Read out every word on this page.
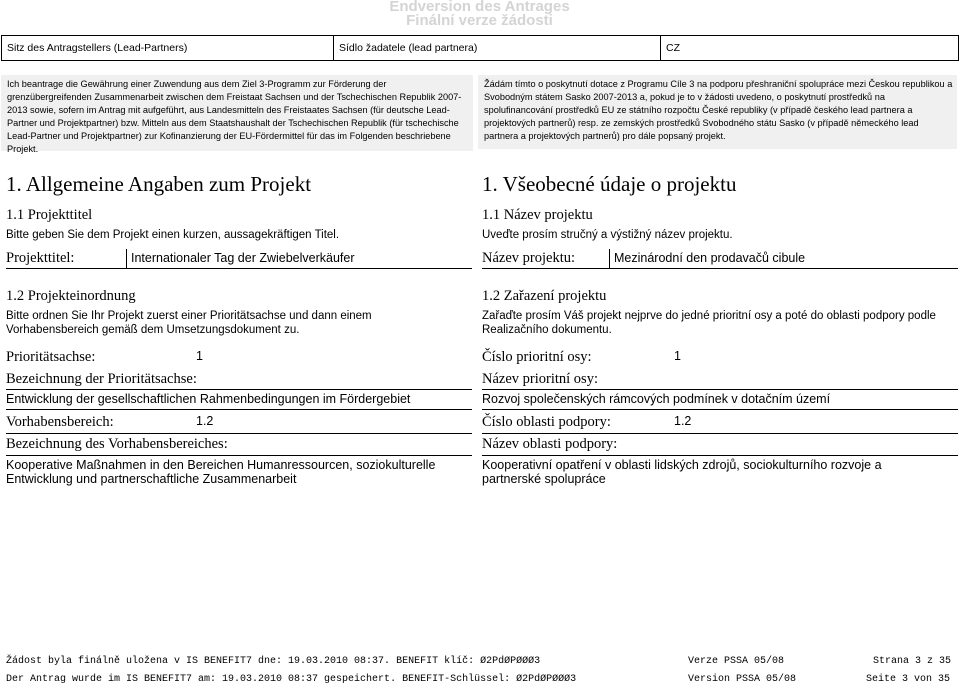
Endversion des Antrages
Finální verze žádosti
Sitz des Antragstellers (Lead-Partners)	Sídlo žadatele (lead partnera)	CZ
Ich beantrage die Gewährung einer Zuwendung aus dem Ziel 3-Programm zur Förderung der grenzübergreifenden Zusammenarbeit zwischen dem Freistaat Sachsen und der Tschechischen Republik 2007-2013 sowie, sofern im Antrag mit aufgeführt, aus Landesmitteln des Freistaates Sachsen (für deutsche Lead-Partner und Projektpartner) bzw. Mitteln aus dem Staatshaushalt der Tschechischen Republik (für tschechische Lead-Partner und Projektpartner) zur Kofinanzierung der EU-Fördermittel für das im Folgenden beschriebene Projekt.
Žádám tímto o poskytnutí dotace z Programu Cíle 3 na podporu přeshraniční spolupráce mezi Českou republikou a Svobodným státem Sasko 2007-2013 a, pokud je to v žádosti uvedeno, o poskytnutí prostředků na spolufinancování prostředků EU ze státního rozpočtu České republiky (v případě českého lead partnera a projektových partnerů) resp. ze zemských prostředků Svobodného státu Sasko (v případě německého lead partnera a projektových partnerů) pro dále popsaný projekt.
1. Allgemeine Angaben zum Projekt
1.1 Projekttitel
Bitte geben Sie dem Projekt einen kurzen, aussagekräftigen Titel.
Projekttitel:	Internationaler Tag der Zwiebelverkäufer
1.2 Projekteinordnung
Bitte ordnen Sie Ihr Projekt zuerst einer Prioritätsachse und dann einem Vorhabensbereich gemäß dem Umsetzungsdokument zu.
Prioritätsachse:	1
Bezeichnung der Prioritätsachse:
Entwicklung der gesellschaftlichen Rahmenbedingungen im Fördergebiet
Vorhabensbereich:	1.2
Bezeichnung des Vorhabensbereiches:
Kooperative Maßnahmen in den Bereichen Humanressourcen, soziokulturelle Entwicklung und partnerschaftliche Zusammenarbeit
1. Všeobecné údaje o projektu
1.1 Název projektu
Uveďte prosím stručný a výstižný název projektu.
Název projektu:	Mezinárodní den prodavačů cibule
1.2 Zařazení projektu
Zařaďte prosím Váš projekt nejprve do jedné prioritní osy a poté do oblasti podpory podle Realizačního dokumentu.
Číslo prioritní osy:	1
Název prioritní osy:
Rozvoj společenských rámcových podmínek v dotačním území
Číslo oblasti podpory:	1.2
Název oblasti podpory:
Kooperativní opatření v oblasti lidských zdrojů, sociokulturního rozvoje a partnerské spolupráce
Žádost byla finálně uložena v IS BENEFIT7 dne: 19.03.2010 08:37. BENEFIT klíč: Ø2PdØPØØØ3
Der Antrag wurde im IS BENEFIT7 am: 19.03.2010 08:37 gespeichert. BENEFIT-Schlüssel: Ø2PdØPØØØ3
Verze PSSA 05/08
Version PSSA 05/08
Strana 3 z 35
Seite 3 von 35
